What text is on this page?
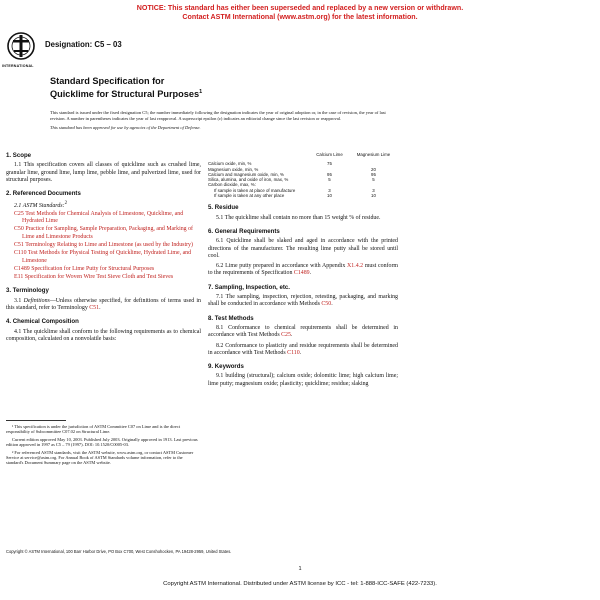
NOTICE: This standard has either been superseded and replaced by a new version or withdrawn.
Contact ASTM International (www.astm.org) for the latest information.
INTERNATIONAL
Designation: C5 – 03
Standard Specification for
Quicklime for Structural Purposes$^1$

This standard is issued under the fixed designation C5; the number immediately following the designation indicates the year of original adoption or, in the case of revision, the year of last revision. A number in parentheses indicates the year of last reapproval. A superscript epsilon (ε) indicates an editorial change since the last revision or reapproval.

This standard has been approved for use by agencies of the Department of Defense.

1. Scope

1.1 This specification covers all classes of quicklime such as crushed lime, granular lime, ground lime, lump lime, pebble lime, and pulverized lime, used for structural purposes.

2. Referenced Documents
2.1 ASTM Standards:$^2$
C25 Test Methods for Chemical Analysis of Limestone, Quicklime, and Hydrated Lime
C50 Practice for Sampling, Sample Preparation, Packaging, and Marking of Lime and Limestone Products
C51 Terminology Relating to Lime and Limestone (as used by the Industry)
C110 Test Methods for Physical Testing of Quicklime, Hydrated Lime, and Limestone
C1489 Specification for Lime Putty for Structural Purposes
E11 Specification for Woven Wire Test Sieve Cloth and Test Sieves
3. Terminology

3.1 Definitions—Unless otherwise specified, for definitions of terms used in this standard, refer to Terminology C51.

4. Chemical Composition

4.1 The quicklime shall conform to the following requirements as to chemical composition, calculated on a nonvolatile basis:

¹ This specification is under the jurisdiction of ASTM Committee C07 on Lime and is the direct responsibility of Subcommittee C07.02 on Structural Lime.

Current edition approved May 10, 2003. Published July 2003. Originally approved in 1913. Last previous edition approved in 1997 as C5 – 79 (1997). DOI: 10.1520/C0005-03.

² For referenced ASTM standards, visit the ASTM website, www.astm.org, or contact ASTM Customer Service at service@astm.org. For Annual Book of ASTM Standards volume information, refer to the standard's Document Summary page on the ASTM website.

	Calcium Lime	Magnesium Lime
Calcium oxide, min, %	75	
Magnesium oxide, min, %		20
Calcium and magnesium oxide, min, %	95	95
Silica, alumina, and oxide of iron, max, %	5	5
Carbon dioxide, max, %:		
If sample is taken at place of manufacture	3	3
If sample is taken at any other place	10	10
5. Residue

5.1 The quicklime shall contain no more than 15 weight % of residue.

6. General Requirements

6.1 Quicklime shall be slaked and aged in accordance with the printed directions of the manufacturer. The resulting lime putty shall be stored until cool.

6.2 Lime putty prepared in accordance with Appendix X1.4.2 must conform to the requirements of Specification C1489.

7. Sampling, Inspection, etc.

7.1 The sampling, inspection, rejection, retesting, packaging, and marking shall be conducted in accordance with Methods C50.

8. Test Methods

8.1 Conformance to chemical requirements shall be determined in accordance with Test Methods C25.

8.2 Conformance to plasticity and residue requirements shall be determined in accordance with Test Methods C110.

9. Keywords

9.1 building (structural); calcium oxide; dolomitic lime; high calcium lime; lime putty; magnesium oxide; plasticity; quicklime; residue; slaking

Copyright © ASTM International, 100 Barr Harbor Drive, PO Box C700, West Conshohocken, PA 19428-2959, United States.
1
Copyright ASTM International. Distributed under ASTM license by ICC - tel: 1-888-ICC-SAFE (422-7233).
